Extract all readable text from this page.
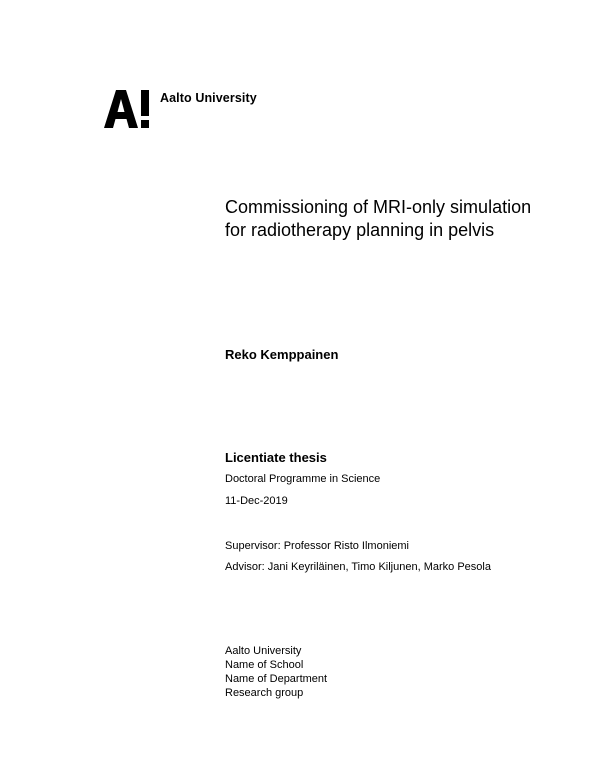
Aalto University
Commissioning of MRI-only simulation
for radiotherapy planning in pelvis
Reko Kemppainen
Licentiate thesis
Doctoral Programme in Science
11-Dec-2019
Supervisor: Professor Risto Ilmoniemi
Advisor: Jani Keyriläinen, Timo Kiljunen, Marko Pesola
Aalto University
Name of School
Name of Department
Research group
